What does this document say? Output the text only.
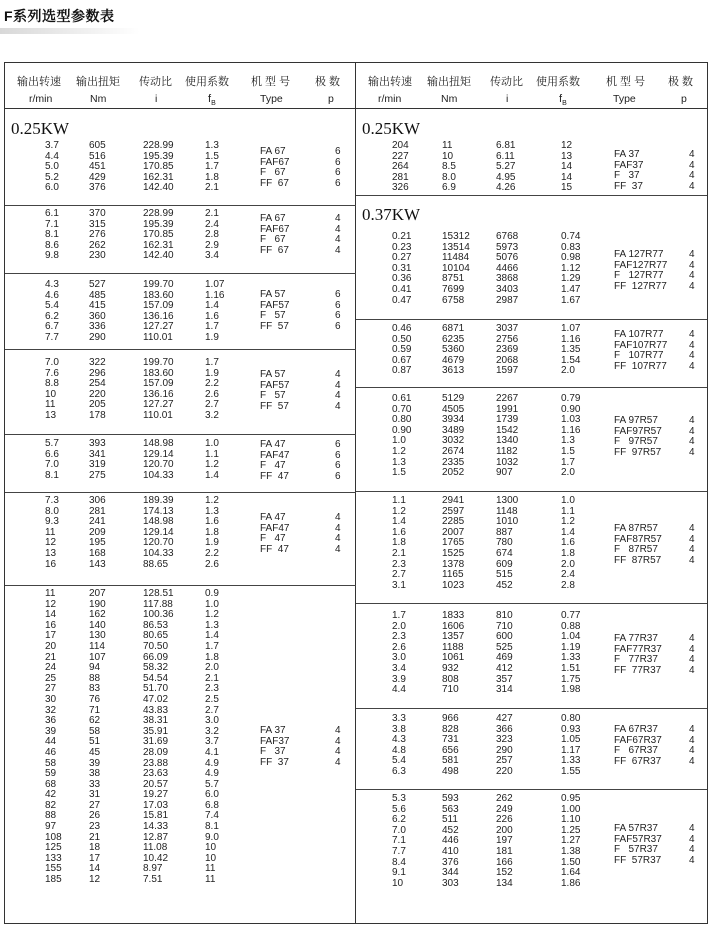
F系列选型参数表
输出转速 输出扭矩 传动比 使用系数 机 型 号 极 数
r/min	Nm	i	$f_B$	Type	p
0.25KW
3.7	605	228.99	1.3
4.4	516	195.39	1.5
5.0	451	170.85	1.7
5.2	429	162.31	1.8
6.0	376	142.40	2.1
FA 67	6
FAF67	6
F   67	6
FF  67	6
6.1	370	228.99	2.1
7.1	315	195.39	2.4
8.1	276	170.85	2.8
8.6	262	162.31	2.9
9.8	230	142.40	3.4
FA 67	4
FAF67	4
F   67	4
FF  67	4
4.3	527	199.70	1.07
4.6	485	183.60	1.16
5.4	415	157.09	1.4
6.2	360	136.16	1.6
6.7	336	127.27	1.7
7.7	290	110.01	1.9
FA 57	6
FAF57	6
F   57	6
FF  57	6
7.0	322	199.70	1.7
7.6	296	183.60	1.9
8.8	254	157.09	2.2
10	220	136.16	2.6
11	205	127.27	2.7
13	178	110.01	3.2
FA 57	4
FAF57	4
F   57	4
FF  57	4
5.7	393	148.98	1.0
6.6	341	129.14	1.1
7.0	319	120.70	1.2
8.1	275	104.33	1.4
FA 47	6
FAF47	6
F   47	6
FF  47	6
7.3	306	189.39	1.2
8.0	281	174.13	1.3
9.3	241	148.98	1.6
11	209	129.14	1.8
12	195	120.70	1.9
13	168	104.33	2.2
16	143	88.65	2.6
FA 47	4
FAF47	4
F   47	4
FF  47	4
11	207	128.51	0.9
12	190	117.88	1.0
14	162	100.36	1.2
16	140	86.53	1.3
17	130	80.65	1.4
20	114	70.50	1.7
21	107	66.09	1.8
24	94	58.32	2.0
25	88	54.54	2.1
27	83	51.70	2.3
30	76	47.02	2.5
32	71	43.83	2.7
36	62	38.31	3.0
39	58	35.91	3.2
44	51	31.69	3.7
46	45	28.09	4.1
58	39	23.88	4.9
59	38	23.63	4.9
68	33	20.57	5.7
42	31	19.27	6.0
82	27	17.03	6.8
88	26	15.81	7.4
97	23	14.33	8.1
108	21	12.87	9.0
125	18	11.08	10
133	17	10.42	10
155	14	8.97	11
185	12	7.51	11
FA 37	4
FAF37	4
F   37	4
FF  37	4
输出转速 输出扭矩 传动比 使用系数 机 型 号 极 数
r/min	Nm	i	$f_B$	Type	p
0.25KW
204	11	6.81	12
227	10	6.11	13
264	8.5	5.27	14
281	8.0	4.95	14
326	6.9	4.26	15
FA 37	4
FAF37	4
F   37	4
FF  37	4
0.37KW
0.21	15312	6768	0.74
0.23	13514	5973	0.83
0.27	11484	5076	0.98
0.31	10104	4466	1.12
0.36	8751	3868	1.29
0.41	7699	3403	1.47
0.47	6758	2987	1.67
FA 127R77	4
FAF127R77 4
F   127R77	4
FF  127R77 4
0.46	6871	3037	1.07
0.50	6235	2756	1.16
0.59	5360	2369	1.35
0.67	4679	2068	1.54
0.87	3613	1597	2.0
FA 107R77	4
FAF107R77 4
F   107R77	4
FF  107R77 4
0.61	5129	2267	0.79
0.70	4505	1991	0.90
0.80	3934	1739	1.03
0.90	3489	1542	1.16
1.0	3032	1340	1.3
1.2	2674	1182	1.5
1.3	2335	1032	1.7
1.5	2052	907	2.0
FA 97R57	4
FAF97R57	4
F   97R57	4
FF  97R57	4
1.1	2941	1300	1.0
1.2	2597	1148	1.1
1.4	2285	1010	1.2
1.6	2007	887	1.4
1.8	1765	780	1.6
2.1	1525	674	1.8
2.3	1378	609	2.0
2.7	1165	515	2.4
3.1	1023	452	2.8
FA 87R57	4
FAF87R57	4
F   87R57	4
FF  87R57	4
1.7	1833	810	0.77
2.0	1606	710	0.88
2.3	1357	600	1.04
2.6	1188	525	1.19
3.0	1061	469	1.33
3.4	932	412	1.51
3.9	808	357	1.75
4.4	710	314	1.98
FA 77R37	4
FAF77R37	4
F   77R37	4
FF  77R37	4
3.3	966	427	0.80
3.8	828	366	0.93
4.3	731	323	1.05
4.8	656	290	1.17
5.4	581	257	1.33
6.3	498	220	1.55
FA 67R37	4
FAF67R37	4
F   67R37	4
FF  67R37	4
5.3	593	262	0.95
5.6	563	249	1.00
6.2	511	226	1.10
7.0	452	200	1.25
7.1	446	197	1.27
7.7	410	181	1.38
8.4	376	166	1.50
9.1	344	152	1.64
10	303	134	1.86
FA 57R37	4
FAF57R37	4
F   57R37	4
FF  57R37	4
